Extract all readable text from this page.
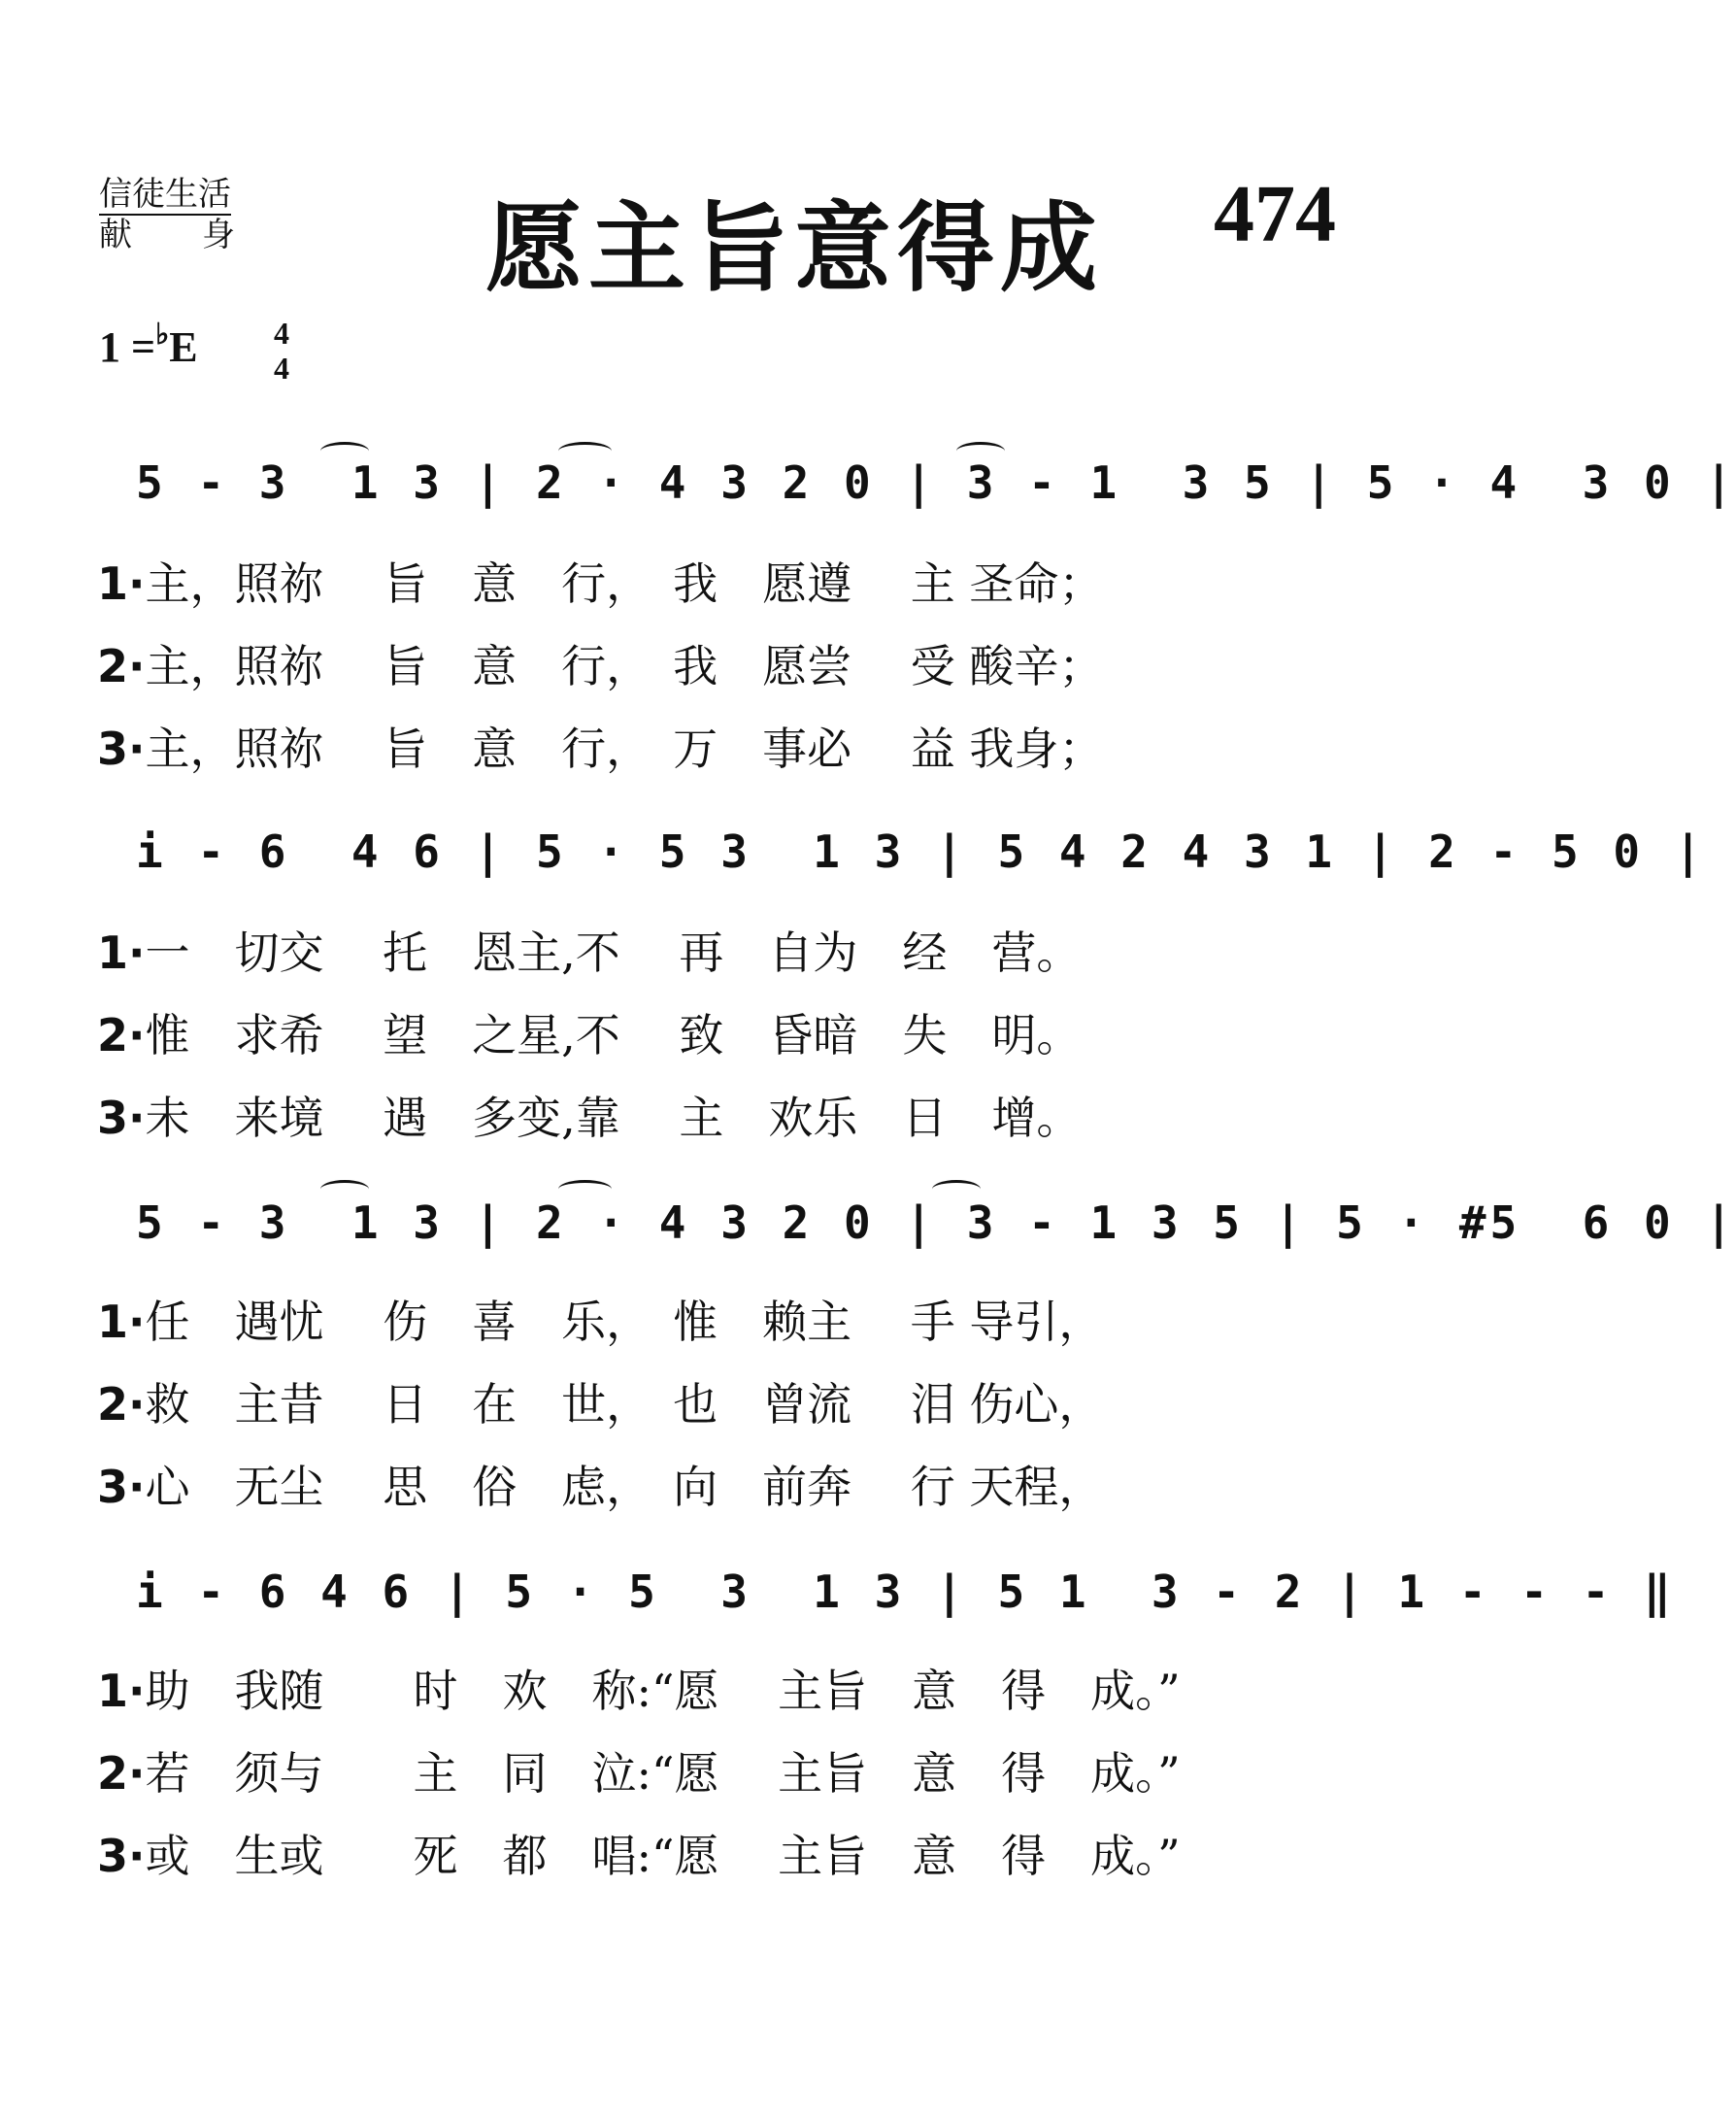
信徒生活
献身 愿主旨意得成 474
1 =♭E 4
4
5 - 3  1 3 | 2 · 4 3 2 0 | 3 - 1  3 5 | 5 · 4  3 0 |
1·主，照祢　 旨　意　行，　我　愿遵　 主 圣命；
2·主，照祢　 旨　意　行，　我　愿尝　 受 酸辛；
3·主，照祢　 旨　意　行，　万　事必　 益 我身；
i - 6  4 6 | 5 · 5 3  1 3 | 5 4 2 4 3 1 | 2 - 5 0 |
1·一　切交　 托　恩主,不　 再　自为　经　营。
2·惟　求希　 望　之星,不　 致　昏暗　失　明。
3·未　来境　 遇　多变,靠　 主　欢乐　日　增。
5 - 3  1 3 | 2 · 4 3 2 0 | 3 - 1 3 5 | 5 · #5  6 0 |
1·任　遇忧　 伤　喜　乐，　惟　赖主　 手 导引，
2·救　主昔　 日　在　世，　也　曾流　 泪 伤心，
3·心　无尘　 思　俗　虑，　向　前奔　 行 天程，
i - 6 4 6 | 5 · 5  3  1 3 | 5 1  3 - 2 | 1 - - - ‖
1·助　我随　　时　欢　称:“愿　 主旨　意　得　成。”
2·若　须与　　主　同　泣:“愿　 主旨　意　得　成。”
3·或　生或　　死　都　唱:“愿　 主旨　意　得　成。”
